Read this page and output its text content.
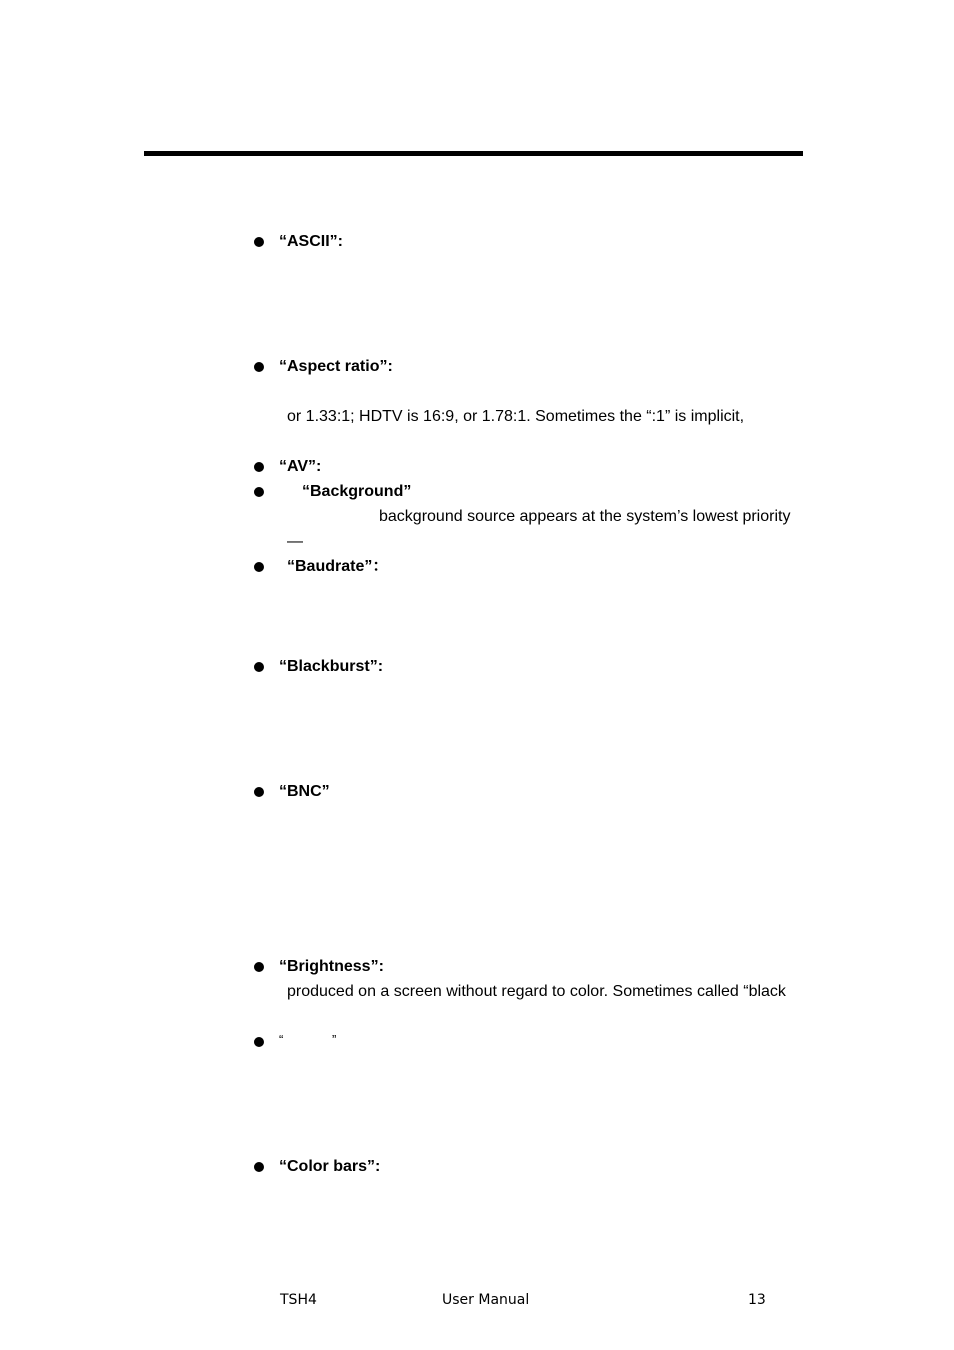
“ASCII”:
“Aspect ratio”:
or 1.33:1; HDTV is 16:9, or 1.78:1. Sometimes the “:1” is implicit,
“AV”:
“Background”
background source appears at the system’s lowest priority
—
“Baudrate”：
“Blackburst”:
“BNC”
“Brightness”:
produced on a screen without regard to color. Sometimes called “black
“	”
“Color bars”:
TSH4	User Manual	13
